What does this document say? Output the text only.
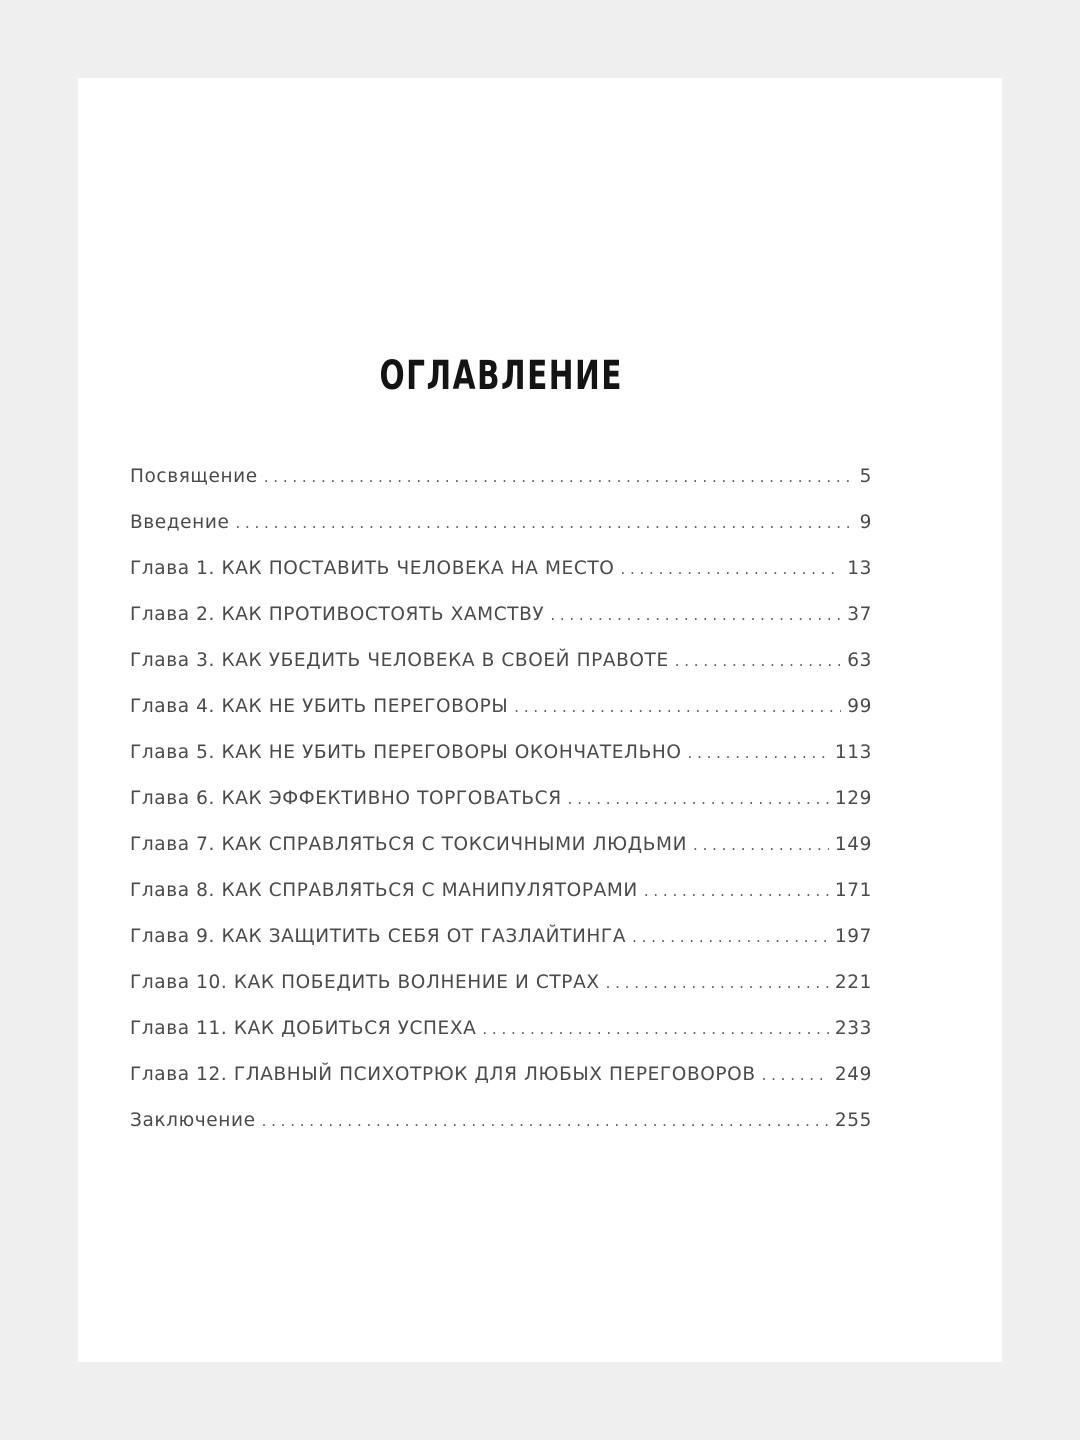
ОГЛАВЛЕНИЕ
Посвящение . . .	5
Введение . . .	9
Глава 1. КАК ПОСТАВИТЬ ЧЕЛОВЕКА НА МЕСТО . . .	13
Глава 2. КАК ПРОТИВОСТОЯТЬ ХАМСТВУ . . .	37
Глава 3. КАК УБЕДИТЬ ЧЕЛОВЕКА В СВОЕЙ ПРАВОТЕ . . .	63
Глава 4. КАК НЕ УБИТЬ ПЕРЕГОВОРЫ . . .	99
Глава 5. КАК НЕ УБИТЬ ПЕРЕГОВОРЫ ОКОНЧАТЕЛЬНО . . .	113
Глава 6. КАК ЭФФЕКТИВНО ТОРГОВАТЬСЯ . . .	129
Глава 7. КАК СПРАВЛЯТЬСЯ С ТОКСИЧНЫМИ ЛЮДЬМИ . . .	149
Глава 8. КАК СПРАВЛЯТЬСЯ С МАНИПУЛЯТОРАМИ . . .	171
Глава 9. КАК ЗАЩИТИТЬ СЕБЯ ОТ ГАЗЛАЙТИНГА . . .	197
Глава 10. КАК ПОБЕДИТЬ ВОЛНЕНИЕ И СТРАХ . . .	221
Глава 11. КАК ДОБИТЬСЯ УСПЕХА . . .	233
Глава 12. ГЛАВНЫЙ ПСИХОТРЮК ДЛЯ ЛЮБЫХ ПЕРЕГОВОРОВ . . .	249
Заключение . . .	255
